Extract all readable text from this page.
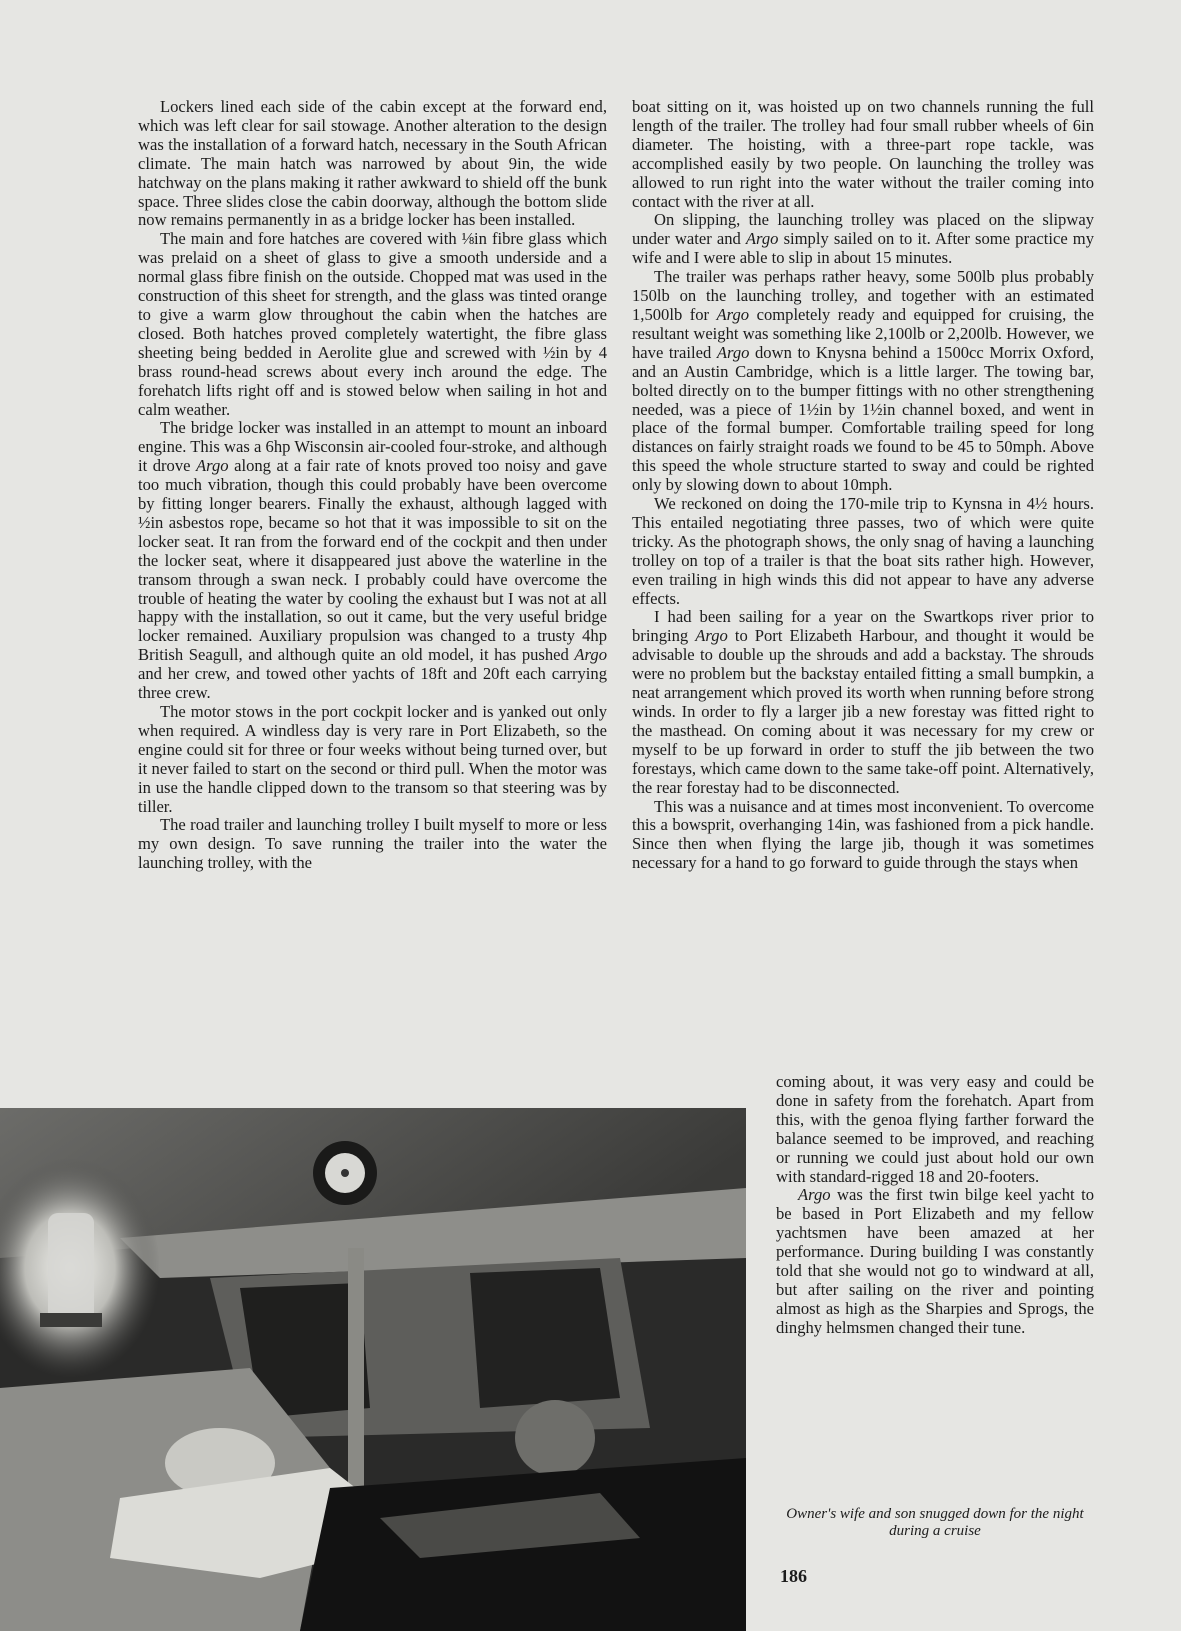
Lockers lined each side of the cabin except at the forward end, which was left clear for sail stowage. Another alteration to the design was the installation of a forward hatch, necessary in the South African climate. The main hatch was narrowed by about 9in, the wide hatchway on the plans making it rather awkward to shield off the bunk space. Three slides close the cabin doorway, although the bottom slide now remains permanently in as a bridge locker has been installed.

The main and fore hatches are covered with ⅛in fibre glass which was prelaid on a sheet of glass to give a smooth underside and a normal glass fibre finish on the outside. Chopped mat was used in the construction of this sheet for strength, and the glass was tinted orange to give a warm glow throughout the cabin when the hatches are closed. Both hatches proved completely watertight, the fibre glass sheeting being bedded in Aerolite glue and screwed with ½in by 4 brass round-head screws about every inch around the edge. The forehatch lifts right off and is stowed below when sailing in hot and calm weather.

The bridge locker was installed in an attempt to mount an inboard engine. This was a 6hp Wisconsin air-cooled four-stroke, and although it drove Argo along at a fair rate of knots proved too noisy and gave too much vibration, though this could probably have been overcome by fitting longer bearers. Finally the exhaust, although lagged with ½in asbestos rope, became so hot that it was impossible to sit on the locker seat. It ran from the forward end of the cockpit and then under the locker seat, where it disappeared just above the waterline in the transom through a swan neck. I probably could have overcome the trouble of heating the water by cooling the exhaust but I was not at all happy with the installation, so out it came, but the very useful bridge locker remained. Auxiliary propulsion was changed to a trusty 4hp British Seagull, and although quite an old model, it has pushed Argo and her crew, and towed other yachts of 18ft and 20ft each carrying three crew.

The motor stows in the port cockpit locker and is yanked out only when required. A windless day is very rare in Port Elizabeth, so the engine could sit for three or four weeks without being turned over, but it never failed to start on the second or third pull. When the motor was in use the handle clipped down to the transom so that steering was by tiller.

The road trailer and launching trolley I built myself to more or less my own design. To save running the trailer into the water the launching trolley, with the

boat sitting on it, was hoisted up on two channels running the full length of the trailer. The trolley had four small rubber wheels of 6in diameter. The hoisting, with a three-part rope tackle, was accomplished easily by two people. On launching the trolley was allowed to run right into the water without the trailer coming into contact with the river at all.

On slipping, the launching trolley was placed on the slipway under water and Argo simply sailed on to it. After some practice my wife and I were able to slip in about 15 minutes.

The trailer was perhaps rather heavy, some 500lb plus probably 150lb on the launching trolley, and together with an estimated 1,500lb for Argo completely ready and equipped for cruising, the resultant weight was something like 2,100lb or 2,200lb. However, we have trailed Argo down to Knysna behind a 1500cc Morrix Oxford, and an Austin Cambridge, which is a little larger. The towing bar, bolted directly on to the bumper fittings with no other strengthening needed, was a piece of 1½in by 1½in channel boxed, and went in place of the formal bumper. Comfortable trailing speed for long distances on fairly straight roads we found to be 45 to 50mph. Above this speed the whole structure started to sway and could be righted only by slowing down to about 10mph.

We reckoned on doing the 170-mile trip to Kynsna in 4½ hours. This entailed negotiating three passes, two of which were quite tricky. As the photograph shows, the only snag of having a launching trolley on top of a trailer is that the boat sits rather high. However, even trailing in high winds this did not appear to have any adverse effects.

I had been sailing for a year on the Swartkops river prior to bringing Argo to Port Elizabeth Harbour, and thought it would be advisable to double up the shrouds and add a backstay. The shrouds were no problem but the backstay entailed fitting a small bumpkin, a neat arrangement which proved its worth when running before strong winds. In order to fly a larger jib a new forestay was fitted right to the masthead. On coming about it was necessary for my crew or myself to be up forward in order to stuff the jib between the two forestays, which came down to the same take-off point. Alternatively, the rear forestay had to be disconnected.

This was a nuisance and at times most inconvenient. To overcome this a bowsprit, overhanging 14in, was fashioned from a pick handle. Since then when flying the large jib, though it was sometimes necessary for a hand to go forward to guide through the stays when

coming about, it was very easy and could be done in safety from the forehatch. Apart from this, with the genoa flying farther forward the balance seemed to be improved, and reaching or running we could just about hold our own with standard-rigged 18 and 20-footers.

Argo was the first twin bilge keel yacht to be based in Port Elizabeth and my fellow yachtsmen have been amazed at her performance. During building I was constantly told that she would not go to windward at all, but after sailing on the river and pointing almost as high as the Sharpies and Sprogs, the dinghy helmsmen changed their tune.

Owner's wife and son snugged down for the night during a cruise
186
